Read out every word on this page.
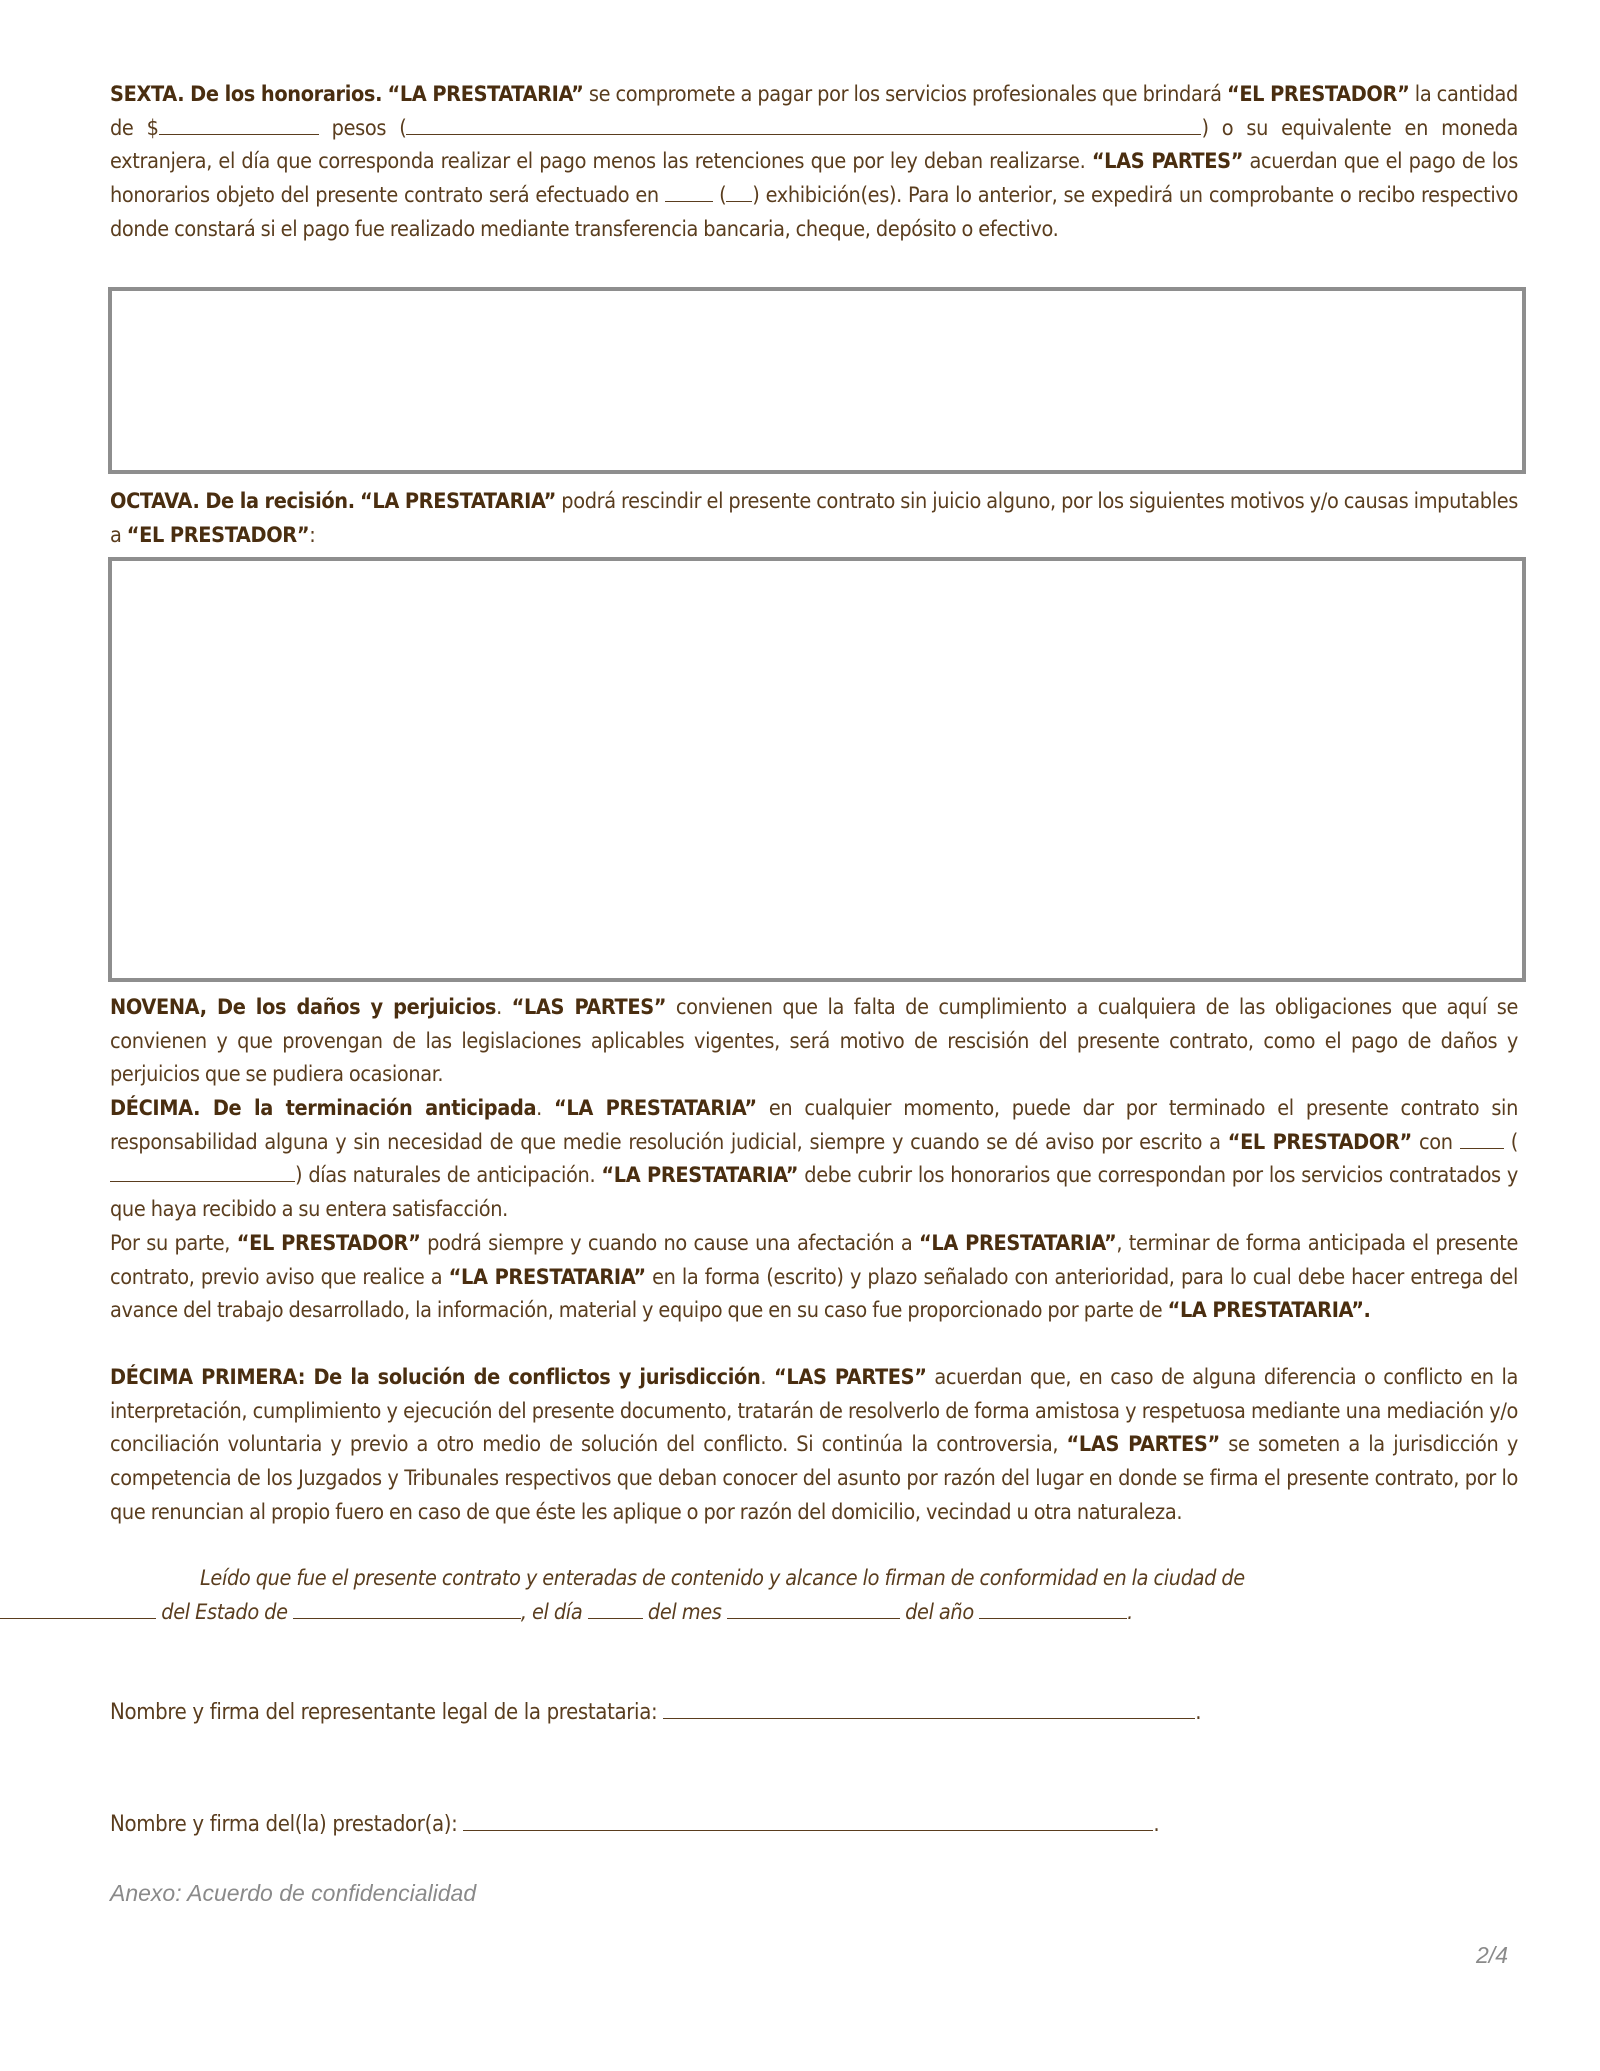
SEXTA. De los honorarios. “LA PRESTATARIA” se compromete a pagar por los servicios profesionales que brindará “EL PRESTADOR” la cantidad de $	pesos (	) o su equivalente en moneda extranjera, el día que corresponda realizar el pago menos las retenciones que por ley deban realizarse. “LAS PARTES” acuerdan que el pago de los honorarios objeto del presente contrato será efectuado en  ( ) exhibición(es). Para lo anterior, se expedirá un comprobante o recibo respectivo donde constará si el pago fue realizado mediante transferencia bancaria, cheque, depósito o efectivo.
OCTAVA. De la recisión. “LA PRESTATARIA” podrá rescindir el presente contrato sin juicio alguno, por los siguientes motivos y/o causas imputables a “EL PRESTADOR”:
NOVENA, De los daños y perjuicios. “LAS PARTES” convienen que la falta de cumplimiento a cualquiera de las obligaciones que aquí se convienen y que provengan de las legislaciones aplicables vigentes, será motivo de rescisión del presente contrato, como el pago de daños y perjuicios que se pudiera ocasionar.
DÉCIMA. De la terminación anticipada. “LA PRESTATARIA” en cualquier momento, puede dar por terminado el presente contrato sin responsabilidad alguna y sin necesidad de que medie resolución judicial, siempre y cuando se dé aviso por escrito a “EL PRESTADOR” con  () días naturales de anticipación. “LA PRESTATARIA” debe cubrir los honorarios que correspondan por los servicios contratados y que haya recibido a su entera satisfacción.
Por su parte, “EL PRESTADOR” podrá siempre y cuando no cause una afectación a “LA PRESTATARIA”, terminar de forma anticipada el presente contrato, previo aviso que realice a “LA PRESTATARIA” en la forma (escrito) y plazo señalado con anterioridad, para lo cual debe hacer entrega del avance del trabajo desarrollado, la información, material y equipo que en su caso fue proporcionado por parte de “LA PRESTATARIA”.
DÉCIMA PRIMERA: De la solución de conflictos y jurisdicción. “LAS PARTES” acuerdan que, en caso de alguna diferencia o conflicto en la interpretación, cumplimiento y ejecución del presente documento, tratarán de resolverlo de forma amistosa y respetuosa mediante una mediación y/o conciliación voluntaria y previo a otro medio de solución del conflicto. Si continúa la controversia, “LAS PARTES” se someten a la jurisdicción y competencia de los Juzgados y Tribunales respectivos que deban conocer del asunto por razón del lugar en donde se firma el presente contrato, por lo que renuncian al propio fuero en caso de que éste les aplique o por razón del domicilio, vecindad u otra naturaleza.
Leído que fue el presente contrato y enteradas de contenido y alcance lo firman de conformidad en la ciudad de
del Estado de	, el día	del mes	del año	.
Nombre y firma del representante legal de la prestataria:	.
Nombre y firma del(la) prestador(a):	.
Anexo: Acuerdo de confidencialidad
2/4
